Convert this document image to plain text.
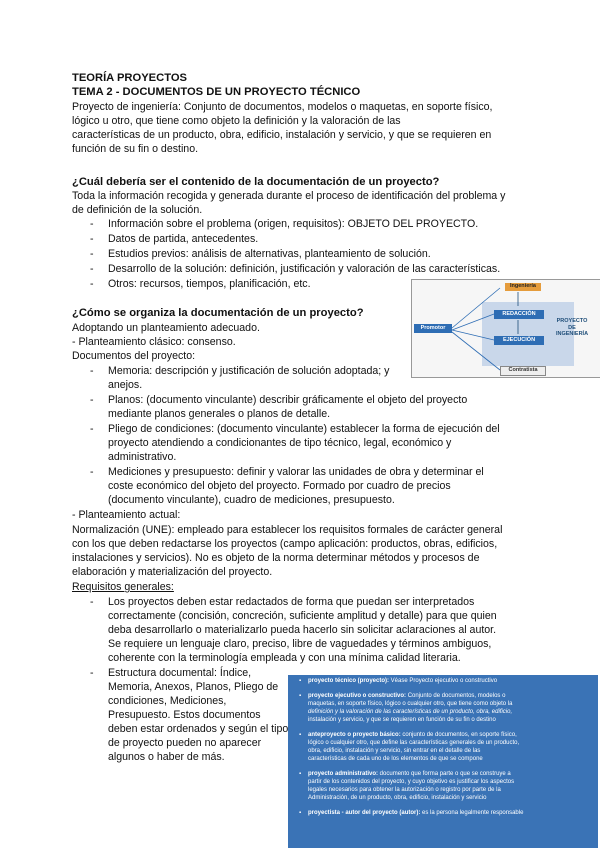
TEORÍA PROYECTOS
TEMA 2 - DOCUMENTOS DE UN PROYECTO TÉCNICO
Proyecto de ingeniería: Conjunto de documentos, modelos o maquetas, en soporte físico,
lógico u otro, que tiene como objeto la definición y la valoración de las
características de un producto, obra, edificio, instalación y servicio, y que se requieren en
función de su fin o destino.
¿Cuál debería ser el contenido de la documentación de un proyecto?
Toda la información recogida y generada durante el proceso de identificación del problema y
de definición de la solución.
- Información sobre el problema (origen, requisitos): OBJETO DEL PROYECTO.
- Datos de partida, antecedentes.
- Estudios previos: análisis de alternativas, planteamiento de solución.
- Desarrollo de la solución: definición, justificación y valoración de las características.
- Otros: recursos, tiempos, planificación, etc.
¿Cómo se organiza la documentación de un proyecto?
Adoptando un planteamiento adecuado.
- Planteamiento clásico: consenso.
Documentos del proyecto:
- Memoria: descripción y justificación de solución adoptada; y
anejos.
- Planos: (documento vinculante) describir gráficamente el objeto del proyecto
mediante planos generales o planos de detalle.
- Pliego de condiciones: (documento vinculante) establecer la forma de ejecución del
proyecto atendiendo a condicionantes de tipo técnico, legal, económico y
administrativo.
- Mediciones y presupuesto: definir y valorar las unidades de obra y determinar el
coste económico del objeto del proyecto. Formado por cuadro de precios
(documento vinculante), cuadro de mediciones, presupuesto.
- Planteamiento actual:
Normalización (UNE): empleado para establecer los requisitos formales de carácter general
con los que deben redactarse los proyectos (campo aplicación: productos, obras, edificios,
instalaciones y servicios). No es objeto de la norma determinar métodos y procesos de
elaboración y materialización del proyecto.
Requisitos generales:
- Los proyectos deben estar redactados de forma que puedan ser interpretados
correctamente (concisión, concreción, suficiente amplitud y detalle) para que quien
deba desarrollarlo o materializarlo pueda hacerlo sin solicitar aclaraciones al autor.
Se requiere un lenguaje claro, preciso, libre de vaguedades y términos ambiguos,
coherente con la terminología empleada y con una mínima calidad literaria.
- Estructura documental: Índice,
Memoria, Anexos, Planos, Pliego de
condiciones, Mediciones,
Presupuesto. Estos documentos
deben estar ordenados y según el tipo
de proyecto pueden no aparecer
algunos o haber de más.
Ingeniería
REDACCIÓN
EJECUCIÓN
Promotor
Contratista
PROYECTO
DE
INGENIERÍA
▪ proyecto técnico (proyecto): Véase Proyecto ejecutivo o constructivo
▪ proyecto ejecutivo o constructivo: Conjunto de documentos, modelos o
maquetas, en soporte físico, lógico o cualquier otro, que tiene como objeto la
definición y la valoración de las características de un producto, obra, edificio,
instalación y servicio, y que se requieren en función de su fin o destino
▪ anteproyecto o proyecto básico: conjunto de documentos, en soporte físico,
lógico o cualquier otro, que define las características generales de un producto,
obra, edificio, instalación y servicio, sin entrar en el detalle de las
características de cada uno de los elementos de que se compone
▪ proyecto administrativo: documento que forma parte o que se construye a
partir de los contenidos del proyecto, y cuyo objetivo es justificar los aspectos
legales necesarios para obtener la autorización o registro por parte de la
Administración, de un producto, obra, edificio, instalación y servicio
▪ proyectista - autor del proyecto (autor): es la persona legalmente responsable
